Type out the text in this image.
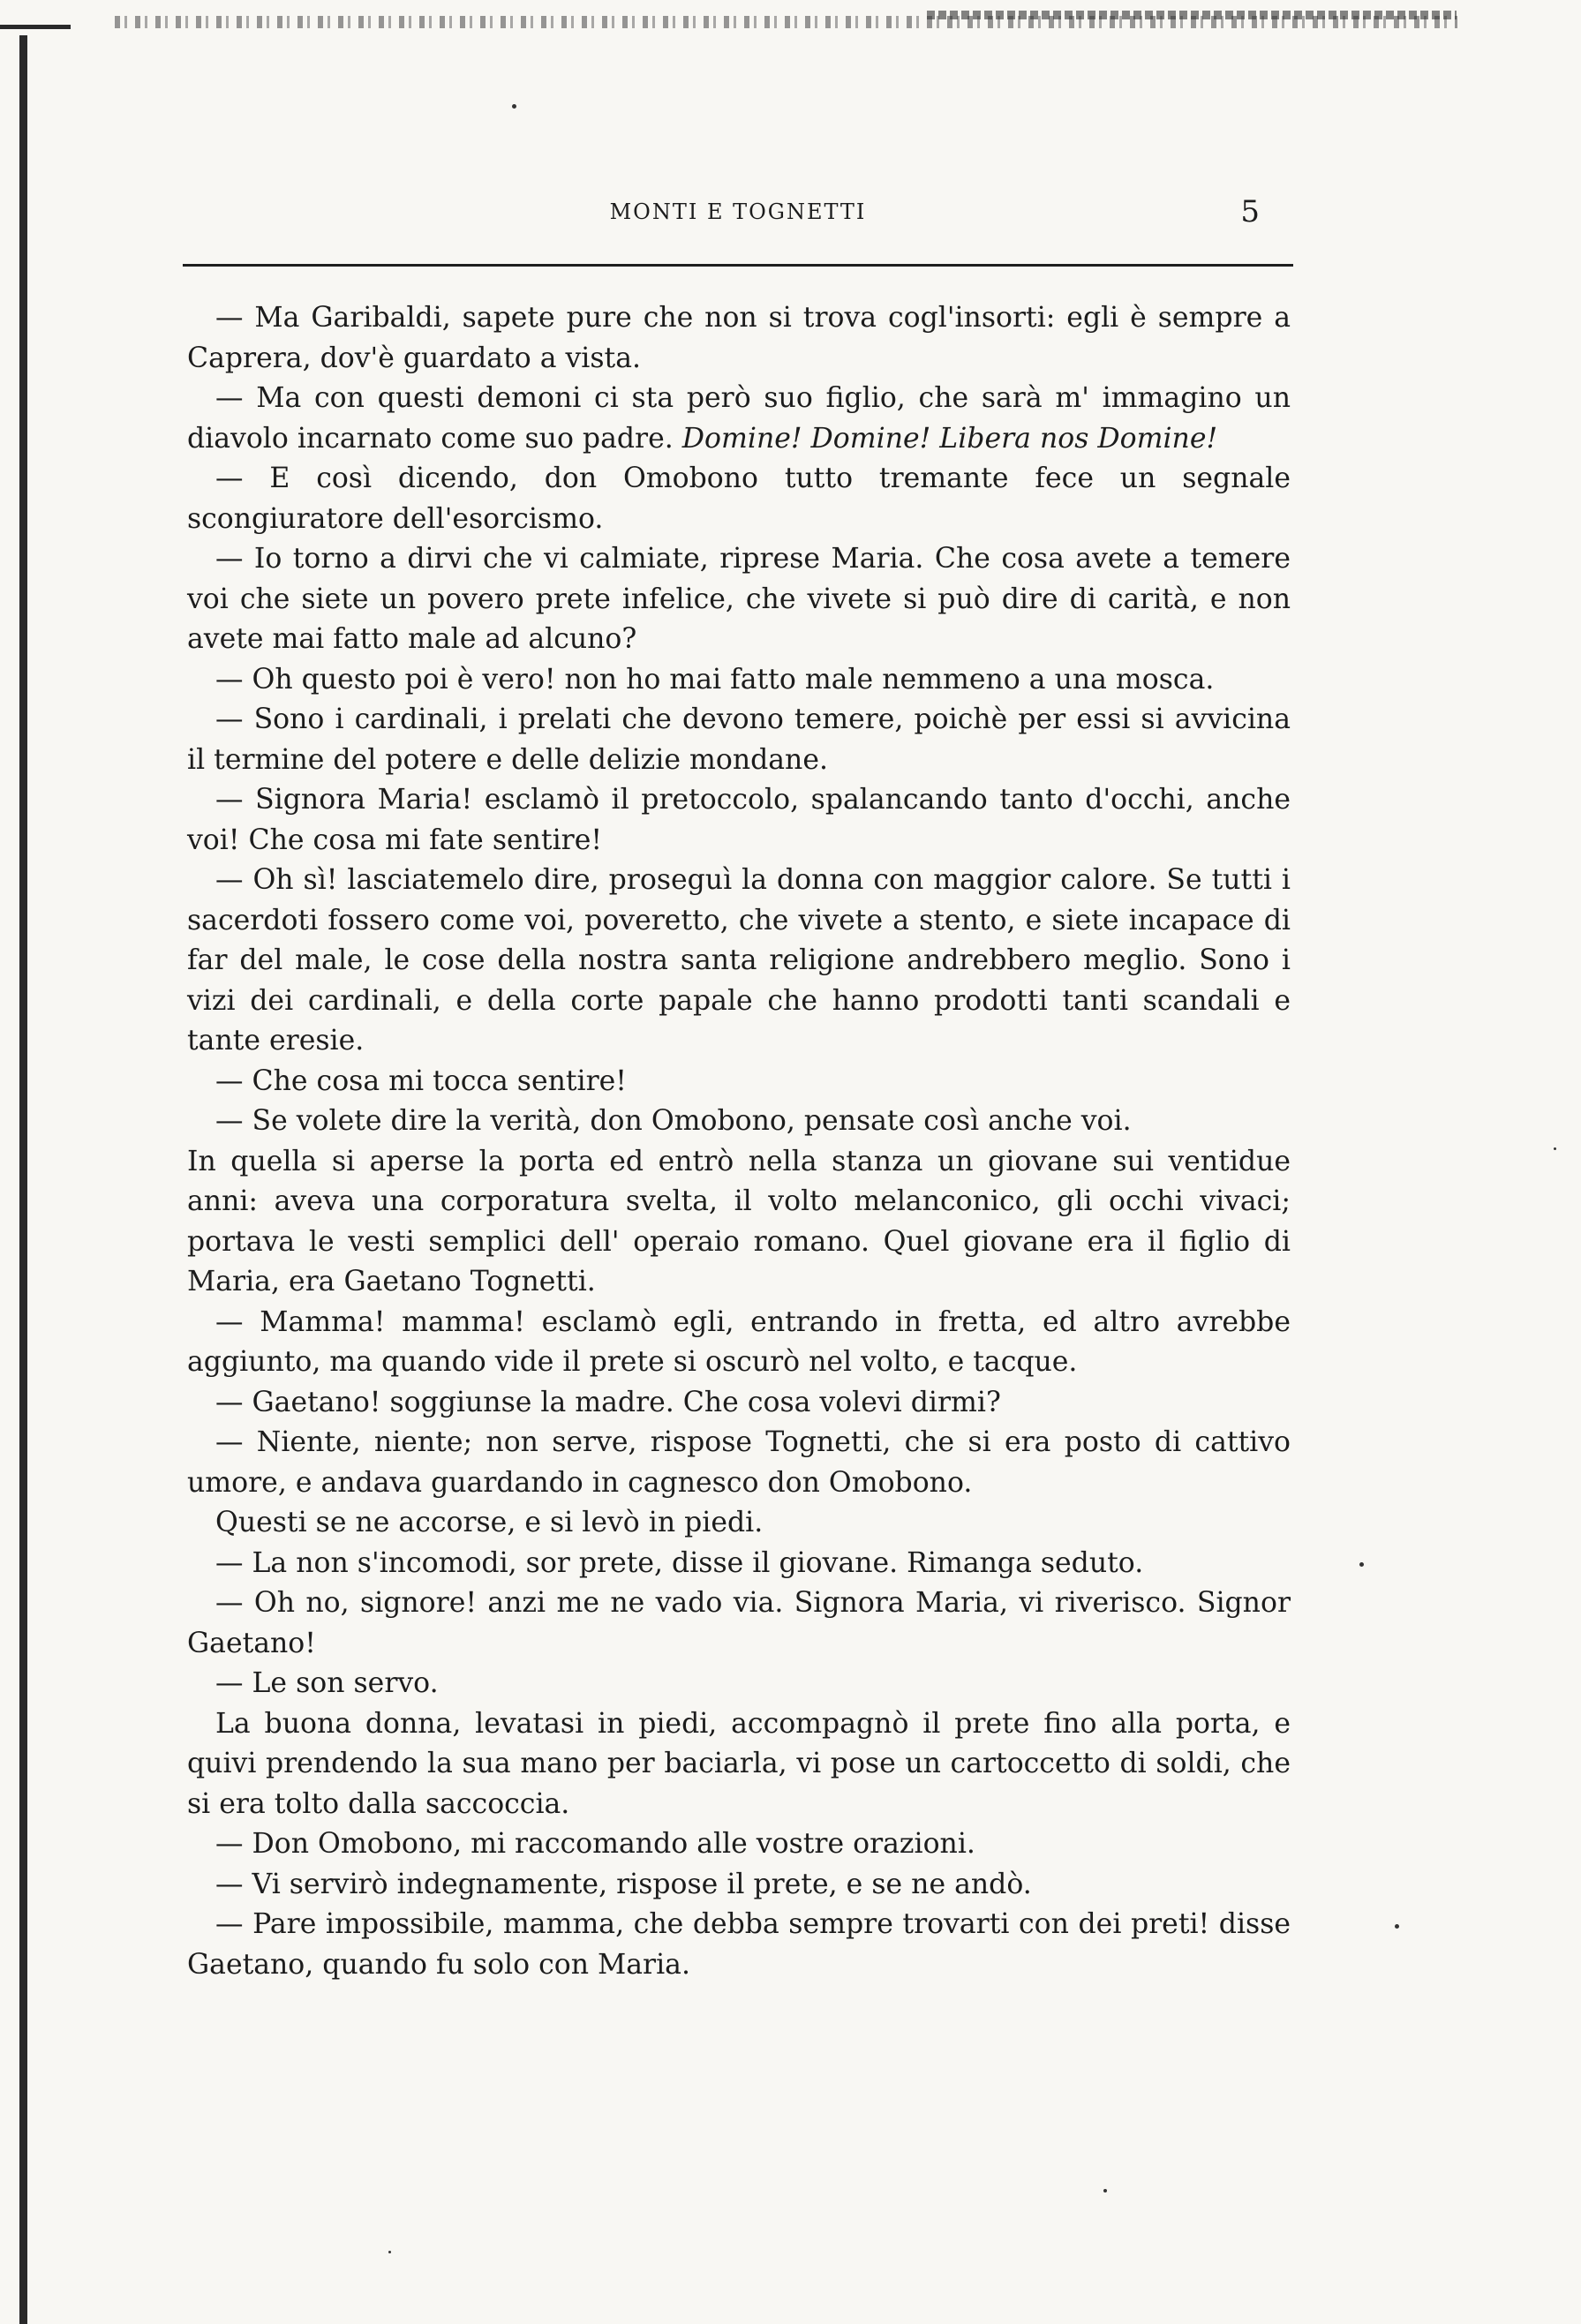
MONTI E TOGNETTI	5

— Ma Garibaldi, sapete pure che non si trova cogl'insorti: egli è sempre a Caprera, dov'è guardato a vista.

— Ma con questi demoni ci sta però suo figlio, che sarà m' immagino un diavolo incarnato come suo padre. Domine! Domine! Libera nos Domine!

— E così dicendo, don Omobono tutto tremante fece un segnale scongiuratore dell'esorcismo.

— Io torno a dirvi che vi calmiate, riprese Maria. Che cosa avete a temere voi che siete un povero prete infelice, che vivete si può dire di carità, e non avete mai fatto male ad alcuno?

— Oh questo poi è vero! non ho mai fatto male nemmeno a una mosca.

— Sono i cardinali, i prelati che devono temere, poichè per essi si avvicina il termine del potere e delle delizie mondane.

— Signora Maria! esclamò il pretoccolo, spalancando tanto d'occhi, anche voi! Che cosa mi fate sentire!

— Oh sì! lasciatemelo dire, proseguì la donna con maggior calore. Se tutti i sacerdoti fossero come voi, poveretto, che vivete a stento, e siete incapace di far del male, le cose della nostra santa religione andrebbero meglio. Sono i vizi dei cardinali, e della corte papale che hanno prodotti tanti scandali e tante eresie.

— Che cosa mi tocca sentire!

— Se volete dire la verità, don Omobono, pensate così anche voi.

In quella si aperse la porta ed entrò nella stanza un giovane sui ventidue anni: aveva una corporatura svelta, il volto melanconico, gli occhi vivaci; portava le vesti semplici dell' operaio romano. Quel giovane era il figlio di Maria, era Gaetano Tognetti.

— Mamma! mamma! esclamò egli, entrando in fretta, ed altro avrebbe aggiunto, ma quando vide il prete si oscurò nel volto, e tacque.

— Gaetano! soggiunse la madre. Che cosa volevi dirmi?

— Niente, niente; non serve, rispose Tognetti, che si era posto di cattivo umore, e andava guardando in cagnesco don Omobono.

Questi se ne accorse, e si levò in piedi.

— La non s'incomodi, sor prete, disse il giovane. Rimanga seduto.

— Oh no, signore! anzi me ne vado via. Signora Maria, vi riverisco. Signor Gaetano!

— Le son servo.

La buona donna, levatasi in piedi, accompagnò il prete fino alla porta, e quivi prendendo la sua mano per baciarla, vi pose un cartoccetto di soldi, che si era tolto dalla saccoccia.

— Don Omobono, mi raccomando alle vostre orazioni.

— Vi servirò indegnamente, rispose il prete, e se ne andò.

— Pare impossibile, mamma, che debba sempre trovarti con dei preti! disse Gaetano, quando fu solo con Maria.
